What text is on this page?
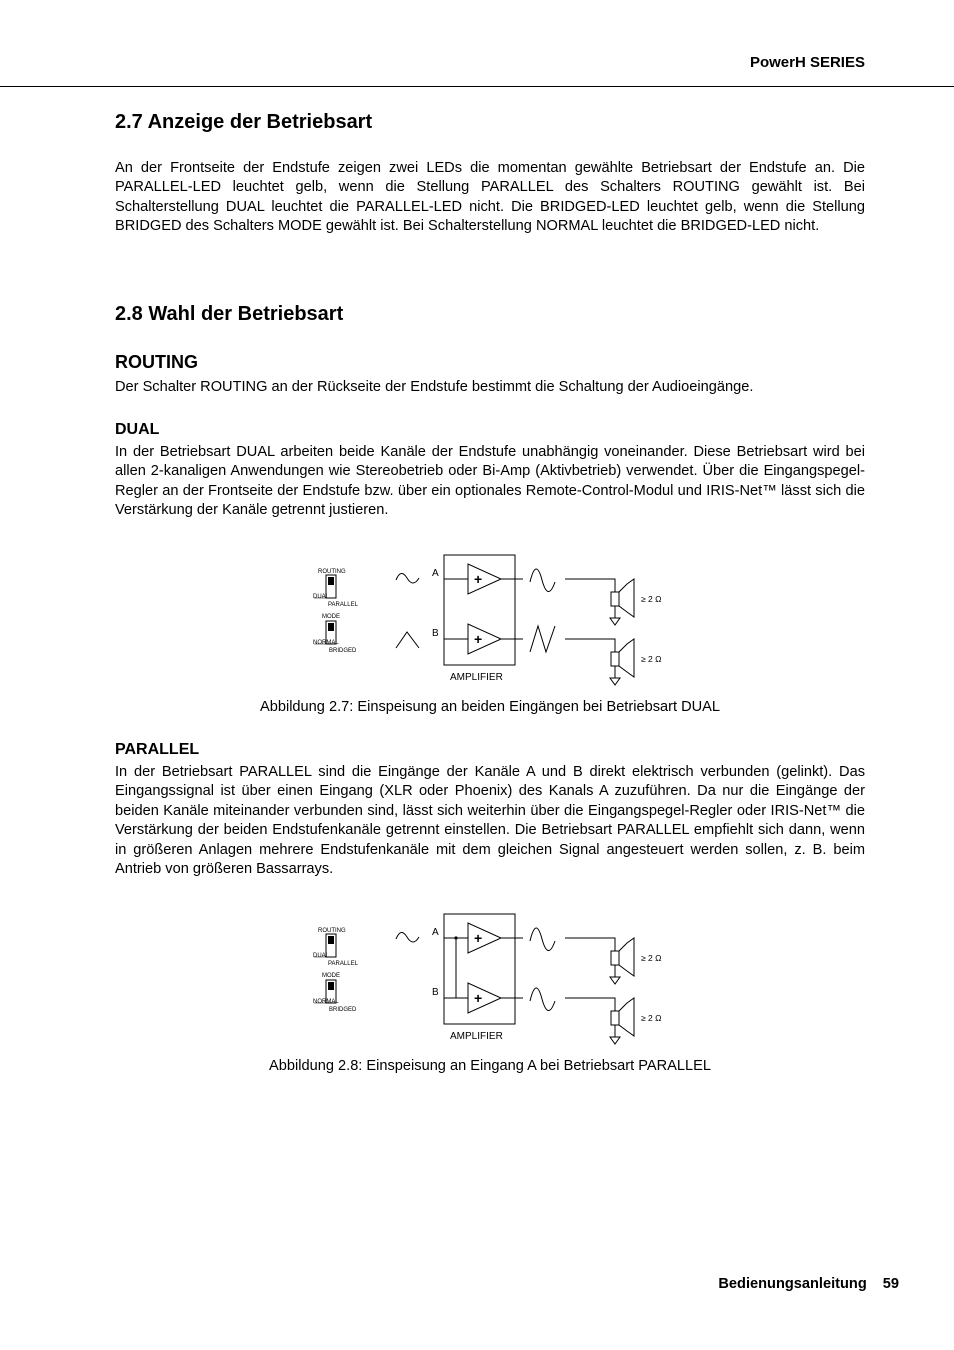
PowerH SERIES
2.7 Anzeige der Betriebsart

An der Frontseite der Endstufe zeigen zwei LEDs die momentan gewählte Betriebsart der Endstufe an. Die PARALLEL-LED leuchtet gelb, wenn die Stellung PARALLEL des Schalters ROUTING gewählt ist. Bei Schalterstellung DUAL leuchtet die PARALLEL-LED nicht. Die BRIDGED-LED leuchtet gelb, wenn die Stellung BRIDGED des Schalters MODE gewählt ist. Bei Schalterstellung NORMAL leuchtet die BRIDGED-LED nicht.

2.8 Wahl der Betriebsart
ROUTING

Der Schalter ROUTING an der Rückseite der Endstufe bestimmt die Schaltung der Audioeingänge.

DUAL

In der Betriebsart DUAL arbeiten beide Kanäle der Endstufe unabhängig voneinander. Diese Betriebsart wird bei allen 2-kanaligen Anwendungen wie Stereobetrieb oder Bi-Amp (Aktivbetrieb) verwendet. Über die Eingangspegel-Regler an der Frontseite der Endstufe bzw. über ein optionales Remote-Control-Modul und IRIS-Net™ lässt sich die Verstärkung der Kanäle getrennt justieren.

ROUTING
DUAL
PARALLEL
MODE
NORMAL
BRIDGED
A
B
+
+
AMPLIFIER
≥ 2 Ω
≥ 2 Ω
Abbildung 2.7: Einspeisung an beiden Eingängen bei Betriebsart DUAL
PARALLEL

In der Betriebsart PARALLEL sind die Eingänge der Kanäle A und B direkt elektrisch verbunden (gelinkt). Das Eingangssignal ist über einen Eingang (XLR oder Phoenix) des Kanals A zuzuführen. Da nur die Eingänge der beiden Kanäle miteinander verbunden sind, lässt sich weiterhin über die Eingangspegel-Regler oder IRIS-Net™ die Verstärkung der beiden Endstufenkanäle getrennt einstellen. Die Betriebsart PARALLEL empfiehlt sich dann, wenn in größeren Anlagen mehrere Endstufenkanäle mit dem gleichen Signal angesteuert werden sollen, z. B. beim Antrieb von größeren Bassarrays.

ROUTING
DUAL
PARALLEL
MODE
NORMAL
BRIDGED
A
B
+
+
AMPLIFIER
≥ 2 Ω
≥ 2 Ω
Abbildung 2.8: Einspeisung an Eingang A bei Betriebsart PARALLEL
Bedienungsanleitung 59
